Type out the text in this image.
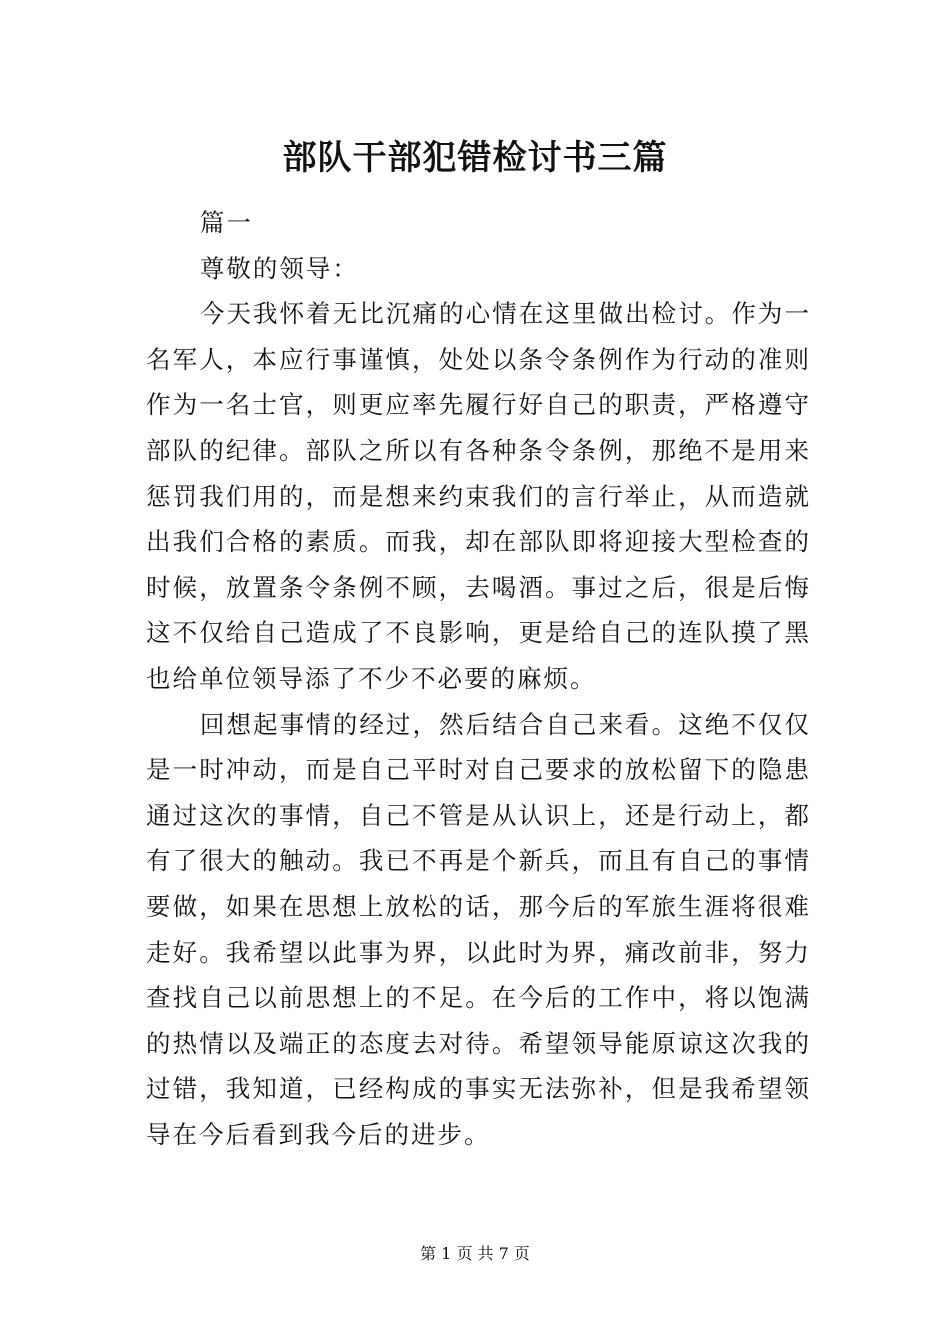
部队干部犯错检讨书三篇

篇一

尊敬的领导：

今天我怀着无比沉痛的心情在这里做出检讨。作为一名军人，本应行事谨慎，处处以条令条例作为行动的准则作为一名士官，则更应率先履行好自己的职责，严格遵守部队的纪律。部队之所以有各种条令条例，那绝不是用来惩罚我们用的，而是想来约束我们的言行举止，从而造就出我们合格的素质。而我，却在部队即将迎接大型检查的时候，放置条令条例不顾，去喝酒。事过之后，很是后悔这不仅给自己造成了不良影响，更是给自己的连队摸了黑也给单位领导添了不少不必要的麻烦。

回想起事情的经过，然后结合自己来看。这绝不仅仅是一时冲动，而是自己平时对自己要求的放松留下的隐患通过这次的事情，自己不管是从认识上，还是行动上，都有了很大的触动。我已不再是个新兵，而且有自己的事情要做，如果在思想上放松的话，那今后的军旅生涯将很难走好。我希望以此事为界，以此时为界，痛改前非，努力查找自己以前思想上的不足。在今后的工作中，将以饱满的热情以及端正的态度去对待。希望领导能原谅这次我的过错，我知道，已经构成的事实无法弥补，但是我希望领导在今后看到我今后的进步。

第 1 页 共 7 页
